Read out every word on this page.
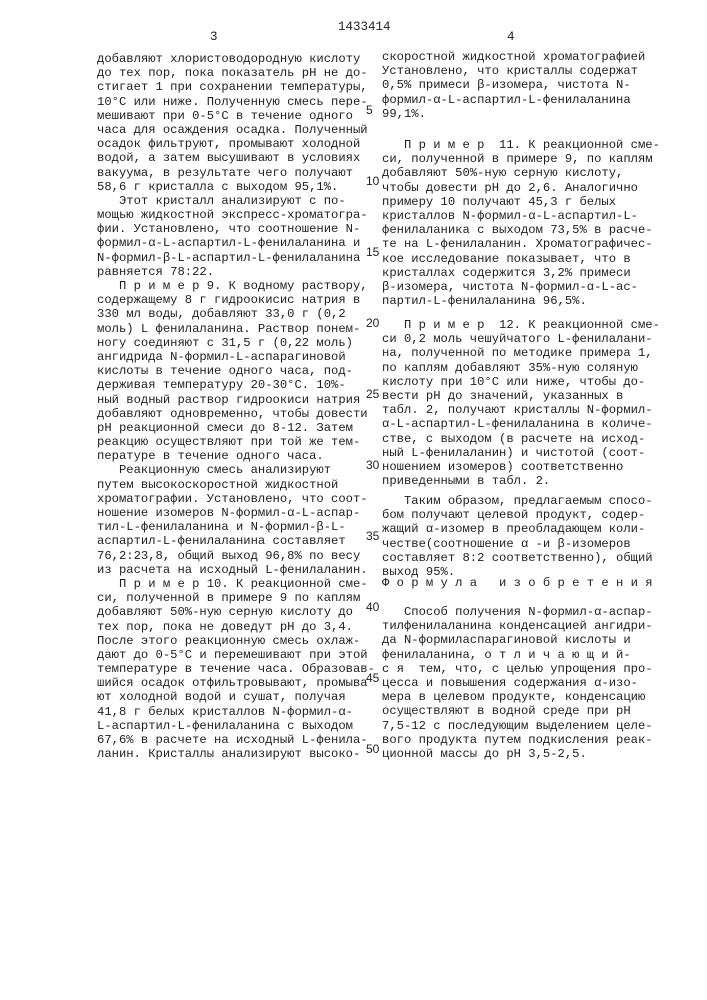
3
1433414
4
добавляют хлористоводородную кислоту
до тех пор, пока показатель pH не до-
стигает 1 при сохранении температуры,
10°С или ниже. Полученную смесь пере-
мешивают при 0-5°С в течение одного
часа для осаждения осадка. Полученный
осадок фильтруют, промывают холодной
водой, а затем высушивают в условиях
вакуума, в результате чего получают
58,6 г кристалла с выходом 95,1%.
Этот кристалл анализируют с по-
мощью жидкостной экспресс-хроматогра-
фии. Установлено, что соотношение N-
формил-α-L-аспартил-L-фенилаланина и
N-формил-β-L-аспартил-L-фенилаланина
равняется 78:22.
П р и м е р 9. К водному раствору,
содержащему 8 г гидроокисис натрия в
330 мл воды, добавляют 33,0 г (0,2
моль) L фенилаланина. Раствор понем-
ногу соединяют с 31,5 г (0,22 моль)
ангидрида N-формил-L-аспарагиновой
кислоты в течение одного часа, под-
держивая температуру 20-30°С. 10%-
ный водный раствор гидроокиси натрия
добавляют одновременно, чтобы довести
pH реакционной смеси до 8-12. Затем
реакцию осуществляют при той же тем-
пературе в течение одного часа.
Реакционную смесь анализируют
путем высокоскоростной жидкостной
хроматографии. Установлено, что соот-
ношение изомеров N-формил-α-L-аспар-
тил-L-фенилаланина и N-формил-β-L-
аспартил-L-фенилаланина составляет
76,2:23,8, общий выход 96,8% по весу
из расчета на исходный L-фенилаланин.
П р и м е р 10. К реакционной сме-
си, полученной в примере 9 по каплям
добавляют 50%-ную серную кислоту до
тех пор, пока не доведут pH до 3,4.
После этого реакционную смесь охлаж-
дают до 0-5°С и перемешивают при этой
температуре в течение часа. Образовав-
шийся осадок отфильтровывают, промыва
ют холодной водой и сушат, получая
41,8 г белых кристаллов N-формил-α-
L-аспартил-L-фенилаланина с выходом
67,6% в расчете на исходный L-фенила-
ланин. Кристаллы анализируют высоко-
5
10
15
20
25
30
35
40
45
50
скоростной жидкостной хроматографией
Установлено, что кристаллы содержат
0,5% примеси β-изомера, чистота N-
формил-α-L-аспартил-L-фенилаланина
99,1%.
П р и м е р  11. К реакционной сме-
си, полученной в примере 9, по каплям
добавляют 50%-ную серную кислоту,
чтобы довести pH до 2,6. Аналогично
примеру 10 получают 45,3 г белых
кристаллов N-формил-α-L-аспартил-L-
фенилаланика с выходом 73,5% в расче-
те на L-фенилаланин. Хроматографичес-
кое исследование показывает, что в
кристаллах содержится 3,2% примеси
β-изомера, чистота N-формил-α-L-ас-
партил-L-фенилаланина 96,5%.
П р и м е р  12. К реакционной сме-
си 0,2 моль чешуйчатого L-фенилалани-
на, полученной по методике примера 1,
по каплям добавляют 35%-ную соляную
кислоту при 10°С или ниже, чтобы до-
вести pH до значений, указанных в
табл. 2, получают кристаллы N-формил-
α-L-аспартил-L-фенилаланина в количе-
стве, с выходом (в расчете на исход-
ный L-фенилаланин) и чистотой (соот-
ношением изомеров) соответственно
приведенными в табл. 2.
Таким образом, предлагаемым спосо-
бом получают целевой продукт, содер-
жащий α-изомер в преобладающем коли-
честве(соотношение α -и β-изомеров
составляет 8:2 соответственно), общий
выход 95%.
Ф о р м у л а   и з о б р е т е н и я
Способ получения N-формил-α-аспар-
тилфенилаланина конденсацией ангидри-
да N-формиласпарагиновой кислоты и
фенилаланина, о т л и ч а ю щ и й-
с я  тем, что, с целью упрощения про-
цесса и повышения содержания α-изо-
мера в целевом продукте, конденсацию
осуществляют в водной среде при pH
7,5-12 с последующим выделением целе-
вого продукта путем подкисления реак-
ционной массы до pH 3,5-2,5.
